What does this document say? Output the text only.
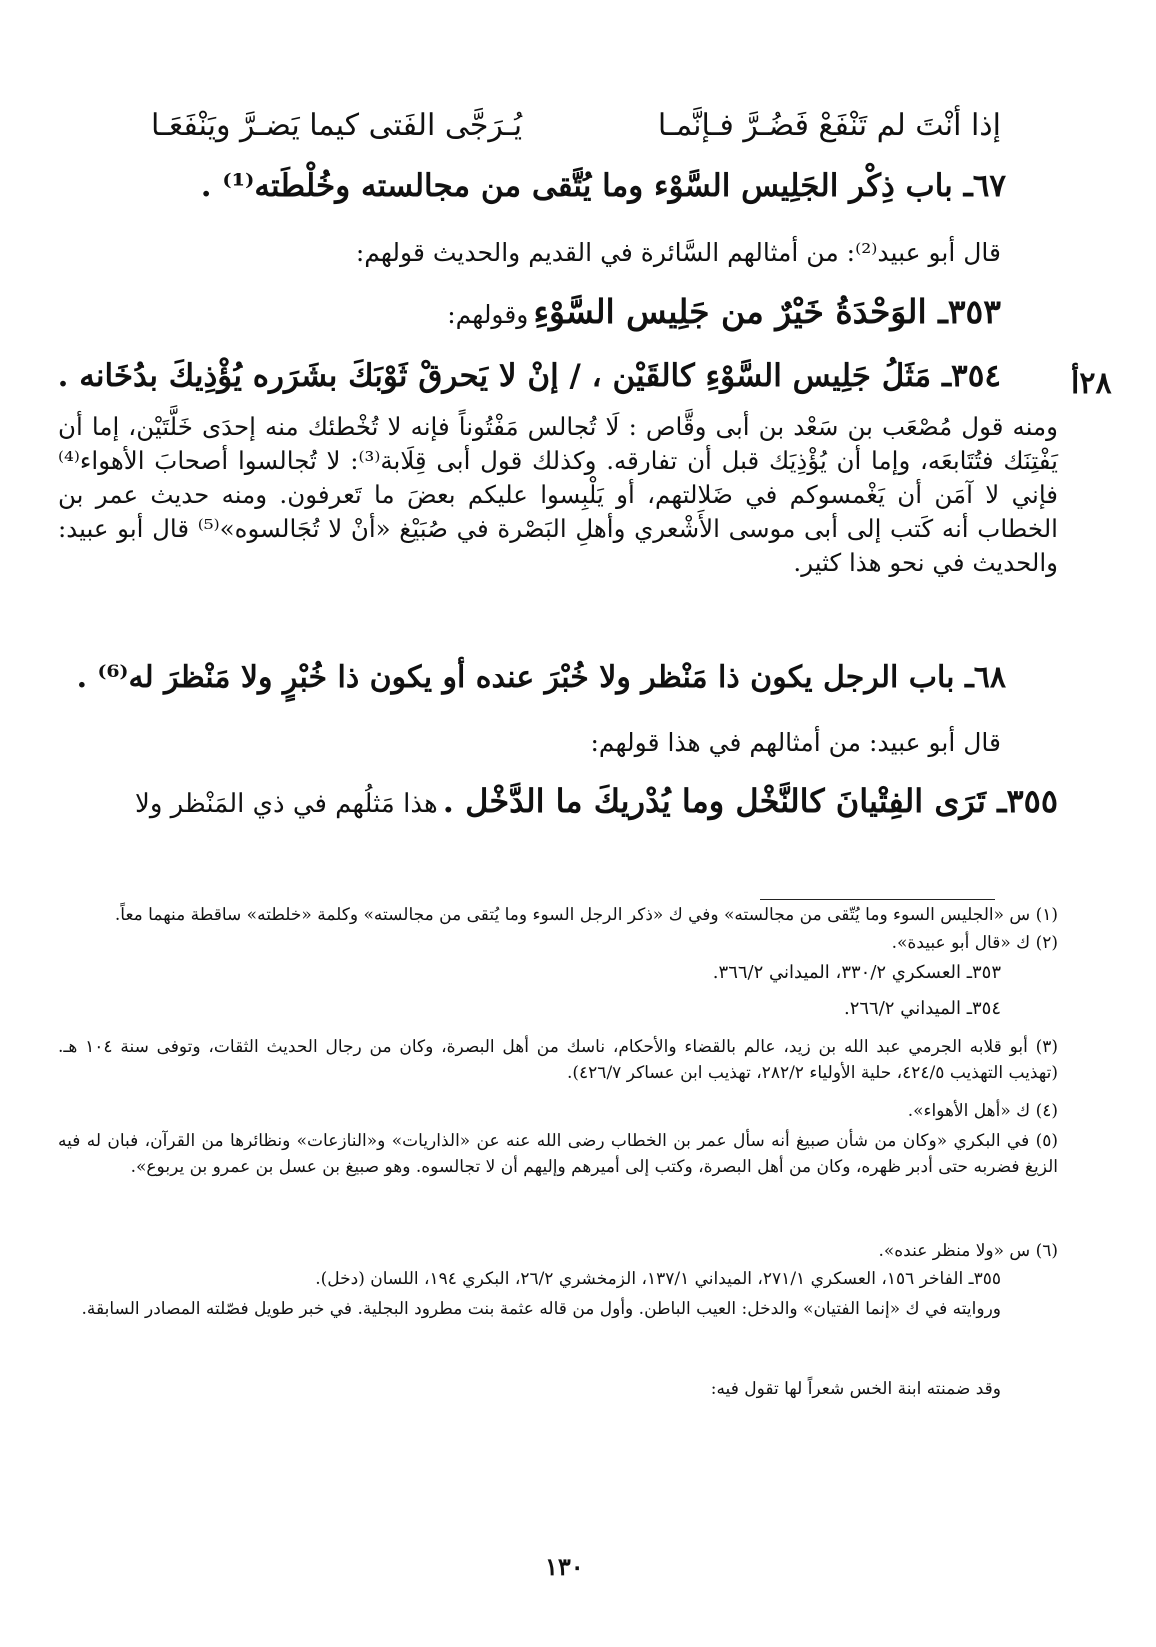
إذا أنْتَ لم تَنْفَعْ فَضُـرَّ فـإنَّمـا
يُـرَجَّى الفَتى كيما يَضـرَّ ويَنْفَعَـا
٦٧ـ باب ذِكْر الجَلِيس السَّوْء وما يُتَّقى من مجالسته وخُلْطَته⁽¹⁾ .
قال أبو عبيد⁽²⁾: من أمثالهم السَّائرة في القديم والحديث قولهم:
٣٥٣ـ الوَحْدَةُ خَيْرٌ من جَلِيس السَّوْءِ وقولهم:
٢٨أ
٣٥٤ـ مَثَلُ جَلِيس السَّوْءِ كالقَيْن ، / إنْ لا يَحرقْ ثَوْبَكَ بشَرَره يُؤْذِيكَ بدُخَانه .
ومنه قول مُصْعَب بن سَعْد بن أبى وقَّاص : لَا تُجالس مَفْتُوناً فإنه لا تُخْطئك منه إحدَى خَلَّتَيْن، إما أن يَفْتِنَك فتُتَابعَه، وإما أن يُؤْذِيَك قبل أن تفارقه. وكذلك قول أبى قِلَابة⁽³⁾: لا تُجالسوا أصحابَ الأهواء⁽⁴⁾ فإني لا آمَن أن يَغْمسوكم في ضَلالتهم، أو يَلْبِسوا عليكم بعضَ ما تَعرفون. ومنه حديث عمر بن الخطاب أنه كَتب إلى أبى موسى الأَشْعري وأهلِ البَصْرة في صُبَيْغ «أنْ لا تُجَالسوه»⁽⁵⁾ قال أبو عبيد: والحديث في نحو هذا كثير.
٦٨ـ باب الرجل يكون ذا مَنْظر ولا خُبْرَ عنده أو يكون ذا خُبْرٍ ولا مَنْظرَ له⁽⁶⁾ .
قال أبو عبيد: من أمثالهم في هذا قولهم:
٣٥٥ـ تَرَى الفِتْيانَ كالنَّخْل وما يُدْريكَ ما الدَّخْل . هذا مَثلُهم في ذي المَنْظر ولا
(١) س «الجليس السوء وما يُتّقى من مجالسته» وفي ك «ذكر الرجل السوء وما يُتقى من مجالسته» وكلمة «خلطته» ساقطة منهما معاً.
(٢) ك «قال أبو عبيدة».
٣٥٣ـ العسكري ٣٣٠/٢، الميداني ٣٦٦/٢.
٣٥٤ـ الميداني ٢٦٦/٢.
(٣) أبو قلابه الجرمي عبد الله بن زيد، عالم بالقضاء والأحكام، ناسك من أهل البصرة، وكان من رجال الحديث الثقات، وتوفى سنة ١٠٤ هـ. (تهذيب التهذيب ٤٢٤/٥، حلية الأولياء ٢٨٢/٢، تهذيب ابن عساكر ٤٢٦/٧).
(٤) ك «أهل الأهواء».
(٥) في البكري «وكان من شأن صبيغ أنه سأل عمر بن الخطاب رضى الله عنه عن «الذاريات» و«النازعات» ونظائرها من القرآن، فبان له فيه الزيغ فضربه حتى أدبر ظهره، وكان من أهل البصرة، وكتب إلى أميرهم وإليهم أن لا تجالسوه. وهو صبيغ بن عسل بن عمرو بن يربوع».
(٦) س «ولا منظر عنده».
٣٥٥ـ الفاخر ١٥٦، العسكري ٢٧١/١، الميداني ١٣٧/١، الزمخشري ٢٦/٢، البكري ١٩٤، اللسان (دخل).
وروايته في ك «إنما الفتيان» والدخل: العيب الباطن. وأول من قاله عثمة بنت مطرود البجلية. في خبر طويل فصّلته المصادر السابقة.
وقد ضمنته ابنة الخس شعراً لها تقول فيه:
١٣٠
